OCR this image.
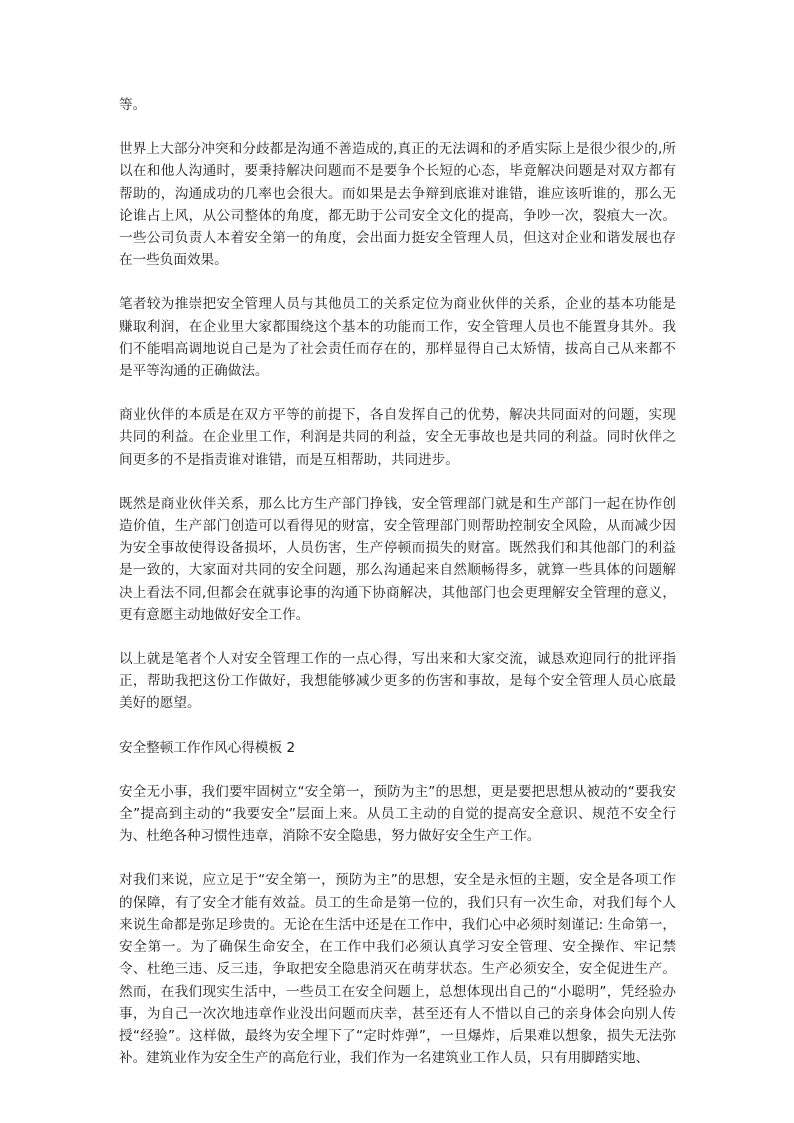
等。

世界上大部分冲突和分歧都是沟通不善造成的,真正的无法调和的矛盾实际上是很少很少的,所以在和他人沟通时，要秉持解决问题而不是要争个长短的心态，毕竟解决问题是对双方都有帮助的，沟通成功的几率也会很大。而如果是去争辩到底谁对谁错，谁应该听谁的，那么无论谁占上风，从公司整体的角度，都无助于公司安全文化的提高，争吵一次，裂痕大一次。一些公司负责人本着安全第一的角度，会出面力挺安全管理人员，但这对企业和谐发展也存在一些负面效果。

笔者较为推崇把安全管理人员与其他员工的关系定位为商业伙伴的关系，企业的基本功能是赚取利润，在企业里大家都围绕这个基本的功能而工作，安全管理人员也不能置身其外。我们不能唱高调地说自己是为了社会责任而存在的，那样显得自己太矫情，拔高自己从来都不是平等沟通的正确做法。

商业伙伴的本质是在双方平等的前提下，各自发挥自己的优势，解决共同面对的问题，实现共同的利益。在企业里工作，利润是共同的利益，安全无事故也是共同的利益。同时伙伴之间更多的不是指责谁对谁错，而是互相帮助，共同进步。

既然是商业伙伴关系，那么比方生产部门挣钱，安全管理部门就是和生产部门一起在协作创造价值，生产部门创造可以看得见的财富，安全管理部门则帮助控制安全风险，从而减少因为安全事故使得设备损坏，人员伤害，生产停顿而损失的财富。既然我们和其他部门的利益是一致的，大家面对共同的安全问题，那么沟通起来自然顺畅得多，就算一些具体的问题解决上看法不同,但都会在就事论事的沟通下协商解决，其他部门也会更理解安全管理的意义，更有意愿主动地做好安全工作。

以上就是笔者个人对安全管理工作的一点心得，写出来和大家交流，诚恳欢迎同行的批评指正，帮助我把这份工作做好，我想能够减少更多的伤害和事故，是每个安全管理人员心底最美好的愿望。

安全整顿工作作风心得模板 2

安全无小事，我们要牢固树立“安全第一，预防为主”的思想，更是要把思想从被动的“要我安全”提高到主动的“我要安全”层面上来。从员工主动的自觉的提高安全意识、规范不安全行为、杜绝各种习惯性违章，消除不安全隐患，努力做好安全生产工作。

对我们来说，应立足于“安全第一，预防为主”的思想，安全是永恒的主题，安全是各项工作的保障，有了安全才能有效益。员工的生命是第一位的，我们只有一次生命，对我们每个人来说生命都是弥足珍贵的。无论在生活中还是在工作中，我们心中必须时刻谨记: 生命第一，安全第一。为了确保生命安全，在工作中我们必须认真学习安全管理、安全操作、牢记禁令、杜绝三违、反三违，争取把安全隐患消灭在萌芽状态。生产必须安全，安全促进生产。然而，在我们现实生活中，一些员工在安全问题上，总想体现出自己的“小聪明”，凭经验办事，为自己一次次地违章作业没出问题而庆幸，甚至还有人不惜以自己的亲身体会向别人传授“经验”。这样做，最终为安全埋下了“定时炸弹”，一旦爆炸，后果难以想象，损失无法弥补。建筑业作为安全生产的高危行业，我们作为一名建筑业工作人员，只有用脚踏实地、
